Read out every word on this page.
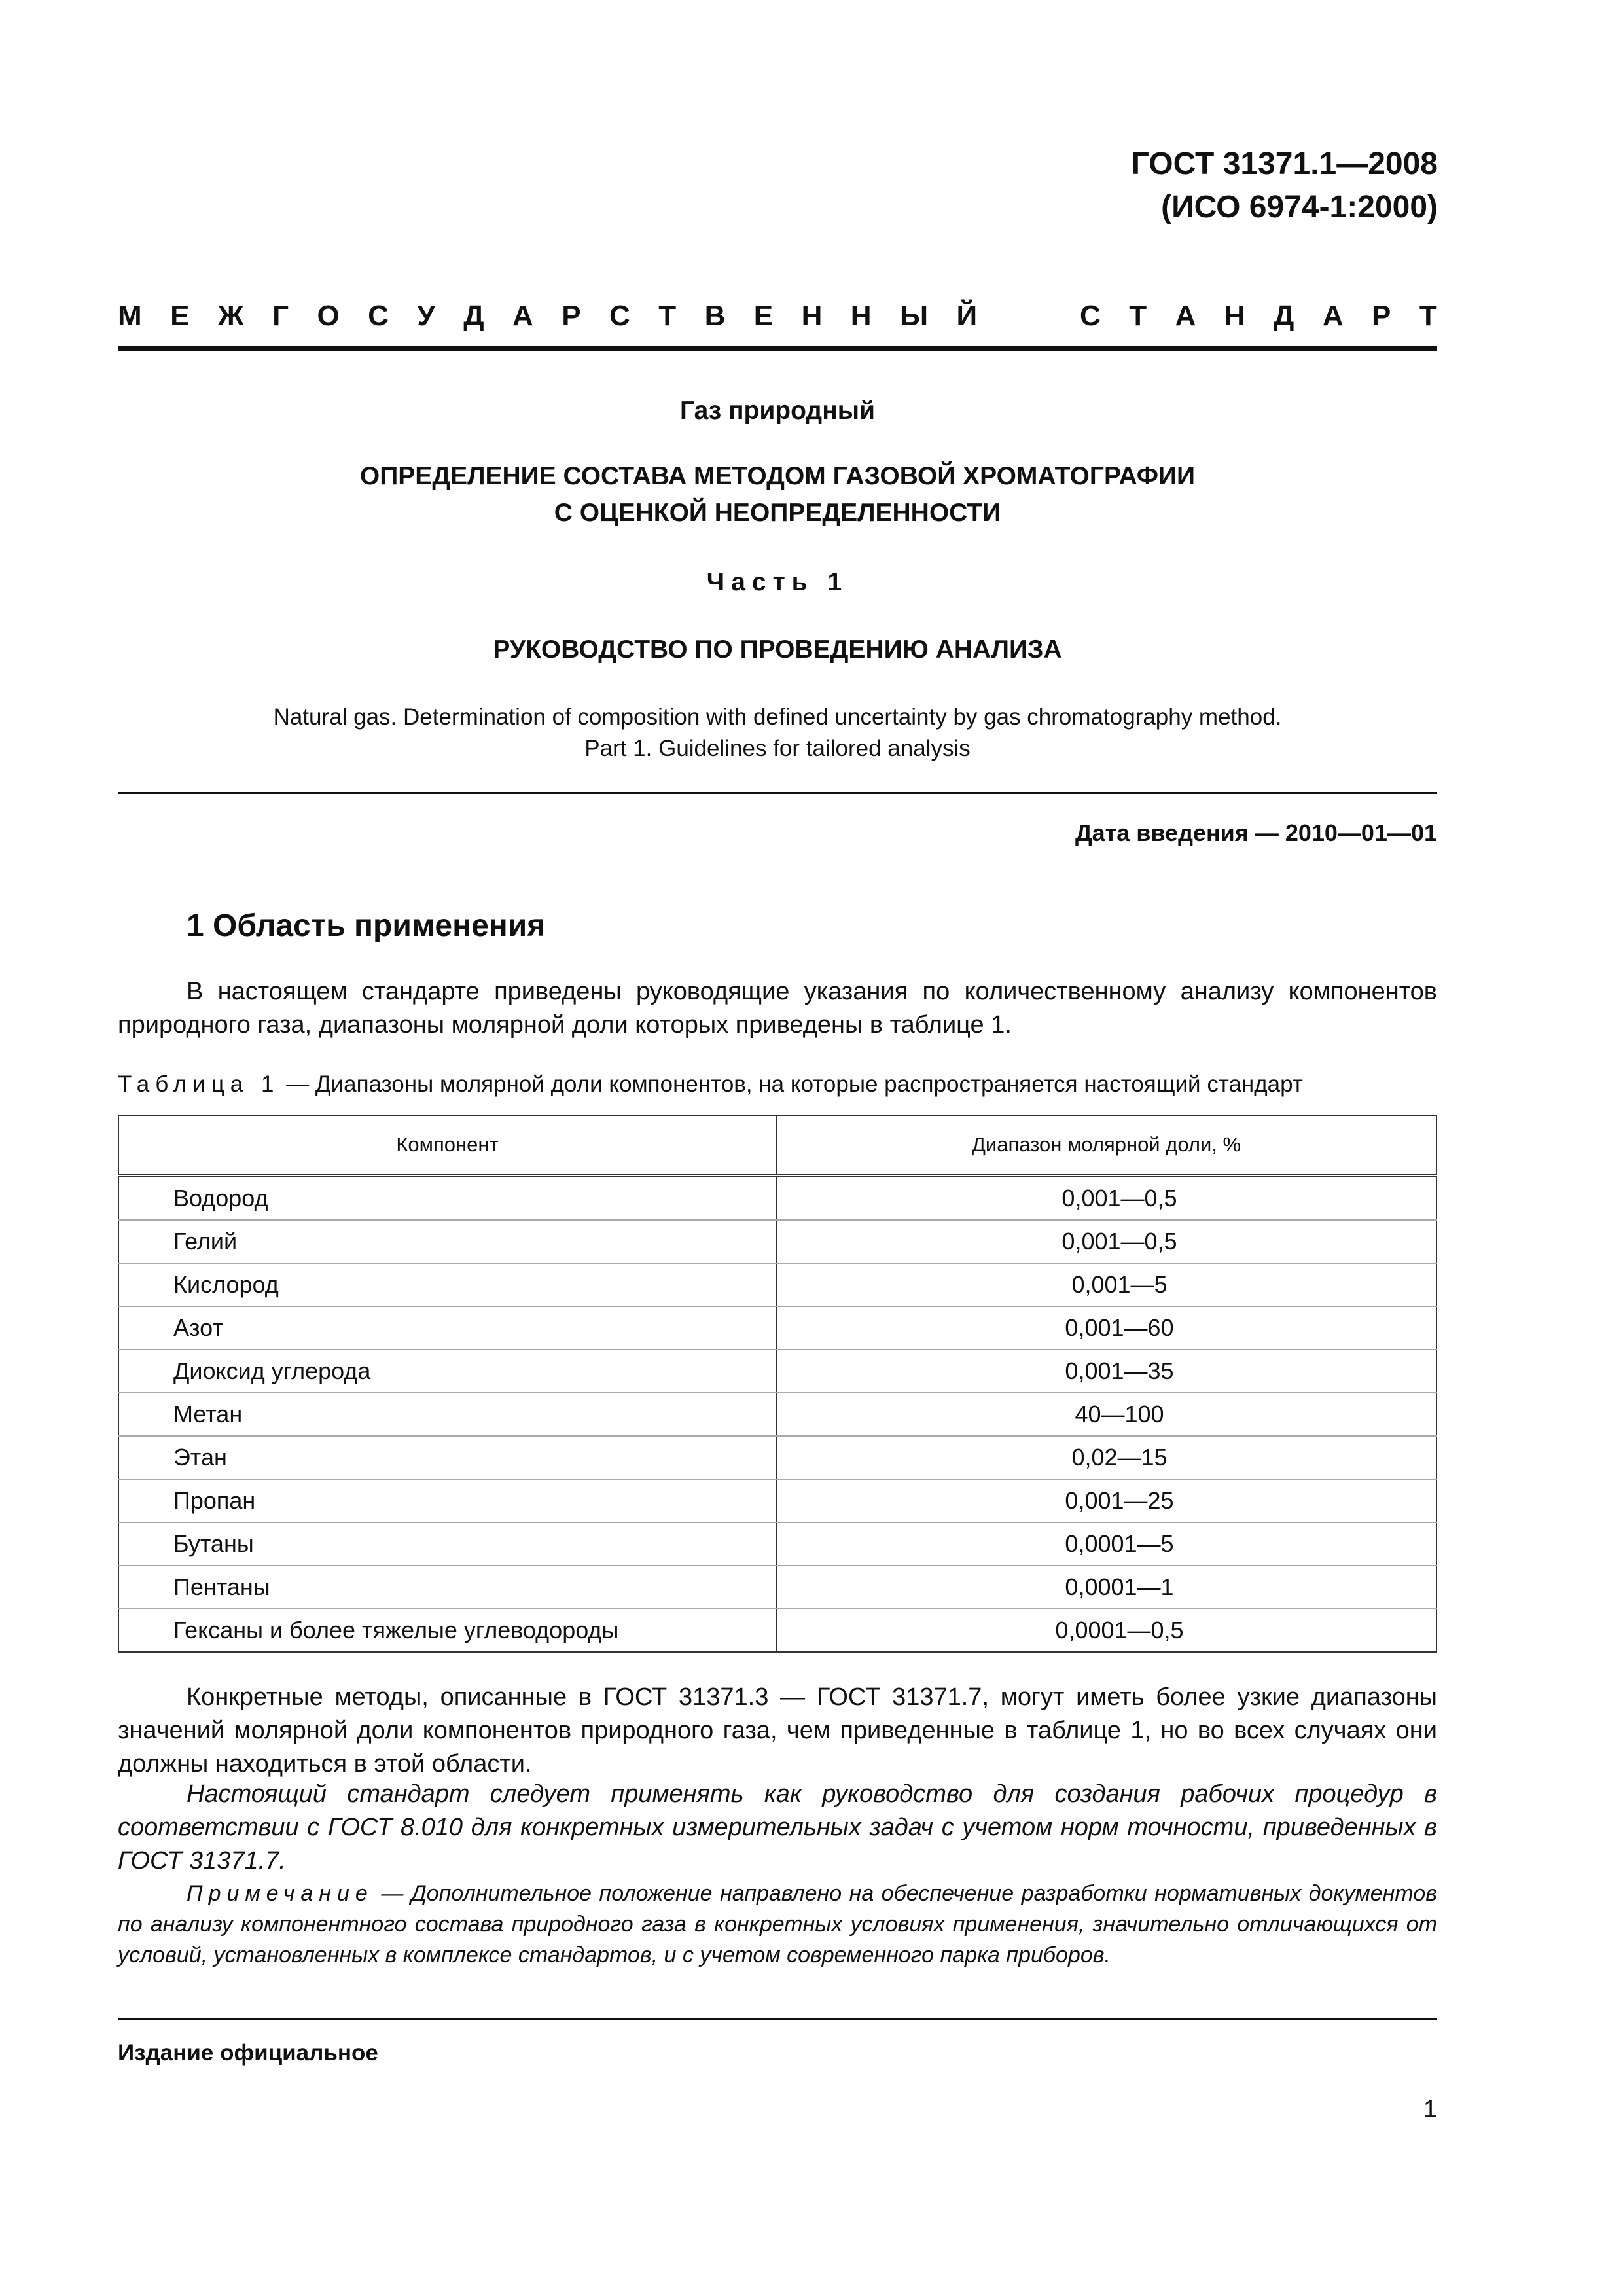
ГОСТ 31371.1—2008
(ИСО 6974-1:2000)
М Е Ж Г О С У Д А Р С Т В Е Н Н Ы Й	С Т А Н Д А Р Т
Газ природный
ОПРЕДЕЛЕНИЕ СОСТАВА МЕТОДОМ ГАЗОВОЙ ХРОМАТОГРАФИИ
С ОЦЕНКОЙ НЕОПРЕДЕЛЕННОСТИ
Часть 1
РУКОВОДСТВО ПО ПРОВЕДЕНИЮ АНАЛИЗА
Natural gas. Determination of composition with defined uncertainty by gas chromatography method.
Part 1. Guidelines for tailored analysis
Дата введения — 2010—01—01
1 Область применения

В настоящем стандарте приведены руководящие указания по количественному анализу компонентов природного газа, диапазоны молярной доли которых приведены в таблице 1.

Таблица 1 — Диапазоны молярной доли компонентов, на которые распространяется настоящий стандарт
Компонент	Диапазон молярной доли, %
Водород	0,001—0,5
Гелий	0,001—0,5
Кислород	0,001—5
Азот	0,001—60
Диоксид углерода	0,001—35
Метан	40—100
Этан	0,02—15
Пропан	0,001—25
Бутаны	0,0001—5
Пентаны	0,0001—1
Гексаны и более тяжелые углеводороды	0,0001—0,5

Конкретные методы, описанные в ГОСТ 31371.3 — ГОСТ 31371.7, могут иметь более узкие диапазоны значений молярной доли компонентов природного газа, чем приведенные в таблице 1, но во всех случаях они должны находиться в этой области.

Настоящий стандарт следует применять как руководство для создания рабочих процедур в соответствии с ГОСТ 8.010 для конкретных измерительных задач с учетом норм точности, приведенных в ГОСТ 31371.7.

Примечание — Дополнительное положение направлено на обеспечение разработки нормативных документов по анализу компонентного состава природного газа в конкретных условиях применения, значительно отличающихся от условий, установленных в комплексе стандартов, и с учетом современного парка приборов.

Издание официальное
1
